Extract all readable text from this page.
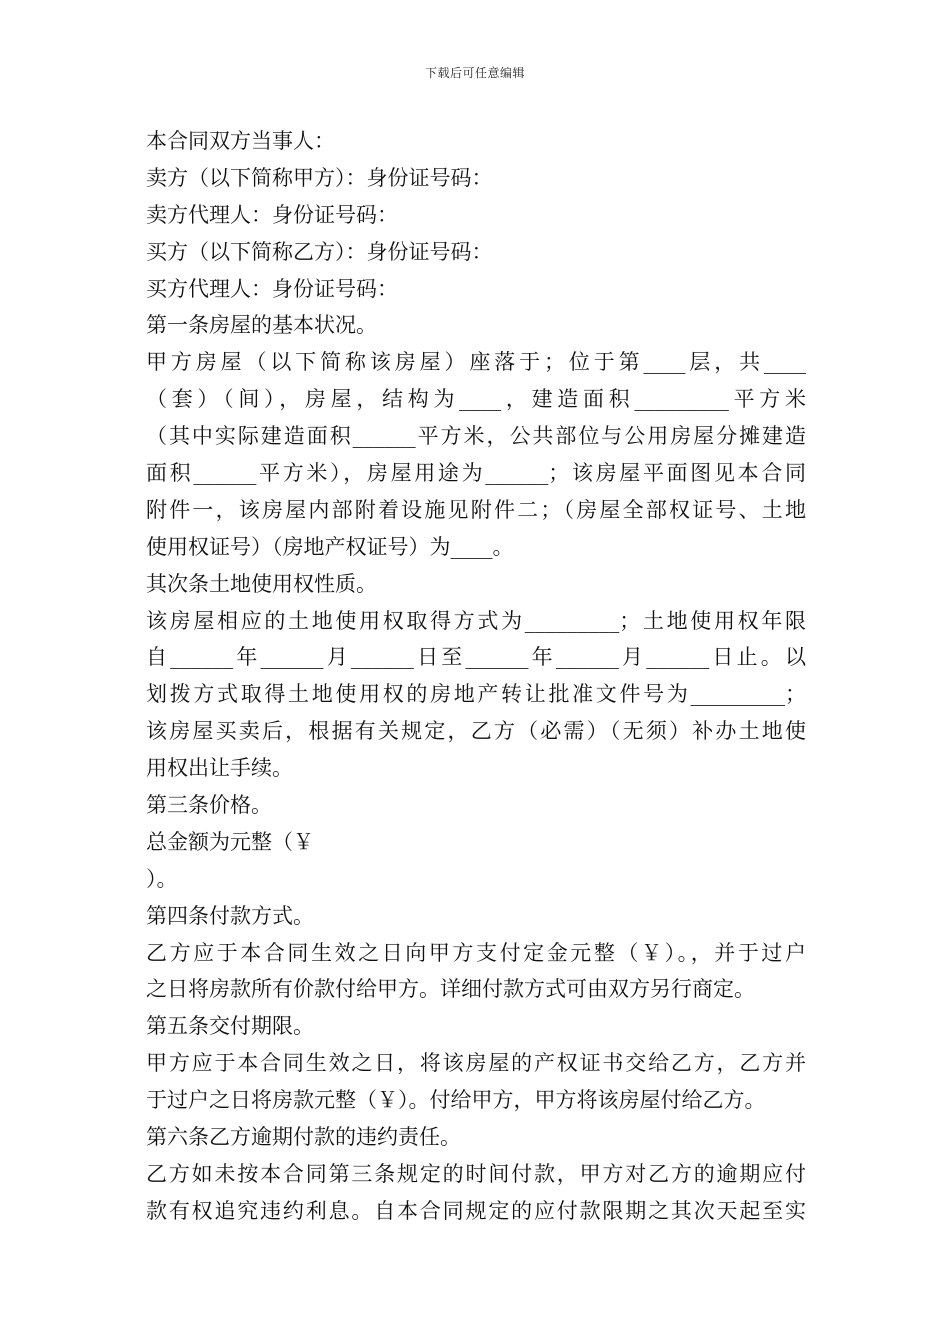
下载后可任意编辑
本合同双方当事人：
卖方（以下简称甲方）：身份证号码：
卖方代理人：身份证号码：
买方（以下简称乙方）：身份证号码：
买方代理人：身份证号码：
第一条房屋的基本状况。
甲方房屋（以下简称该房屋）座落于；位于第____层，共____
（套）（间），房屋，结构为____，建造面积_________平方米
（其中实际建造面积______平方米，公共部位与公用房屋分摊建造
面积______平方米），房屋用途为______；该房屋平面图见本合同
附件一，该房屋内部附着设施见附件二；（房屋全部权证号、土地
使用权证号）（房地产权证号）为____。
其次条土地使用权性质。
该房屋相应的土地使用权取得方式为_________；土地使用权年限
自______年______月______日至______年______月______日止。以
划拨方式取得土地使用权的房地产转让批准文件号为_________；
该房屋买卖后，根据有关规定，乙方（必需）（无须）补办土地使
用权出让手续。
第三条价格。
总金额为元整（￥
）。
第四条付款方式。
乙方应于本合同生效之日向甲方支付定金元整（￥）。，并于过户
之日将房款所有价款付给甲方。详细付款方式可由双方另行商定。
第五条交付期限。
甲方应于本合同生效之日，将该房屋的产权证书交给乙方，乙方并
于过户之日将房款元整（￥）。付给甲方，甲方将该房屋付给乙方。
第六条乙方逾期付款的违约责任。
乙方如未按本合同第三条规定的时间付款，甲方对乙方的逾期应付
款有权追究违约利息。自本合同规定的应付款限期之其次天起至实
